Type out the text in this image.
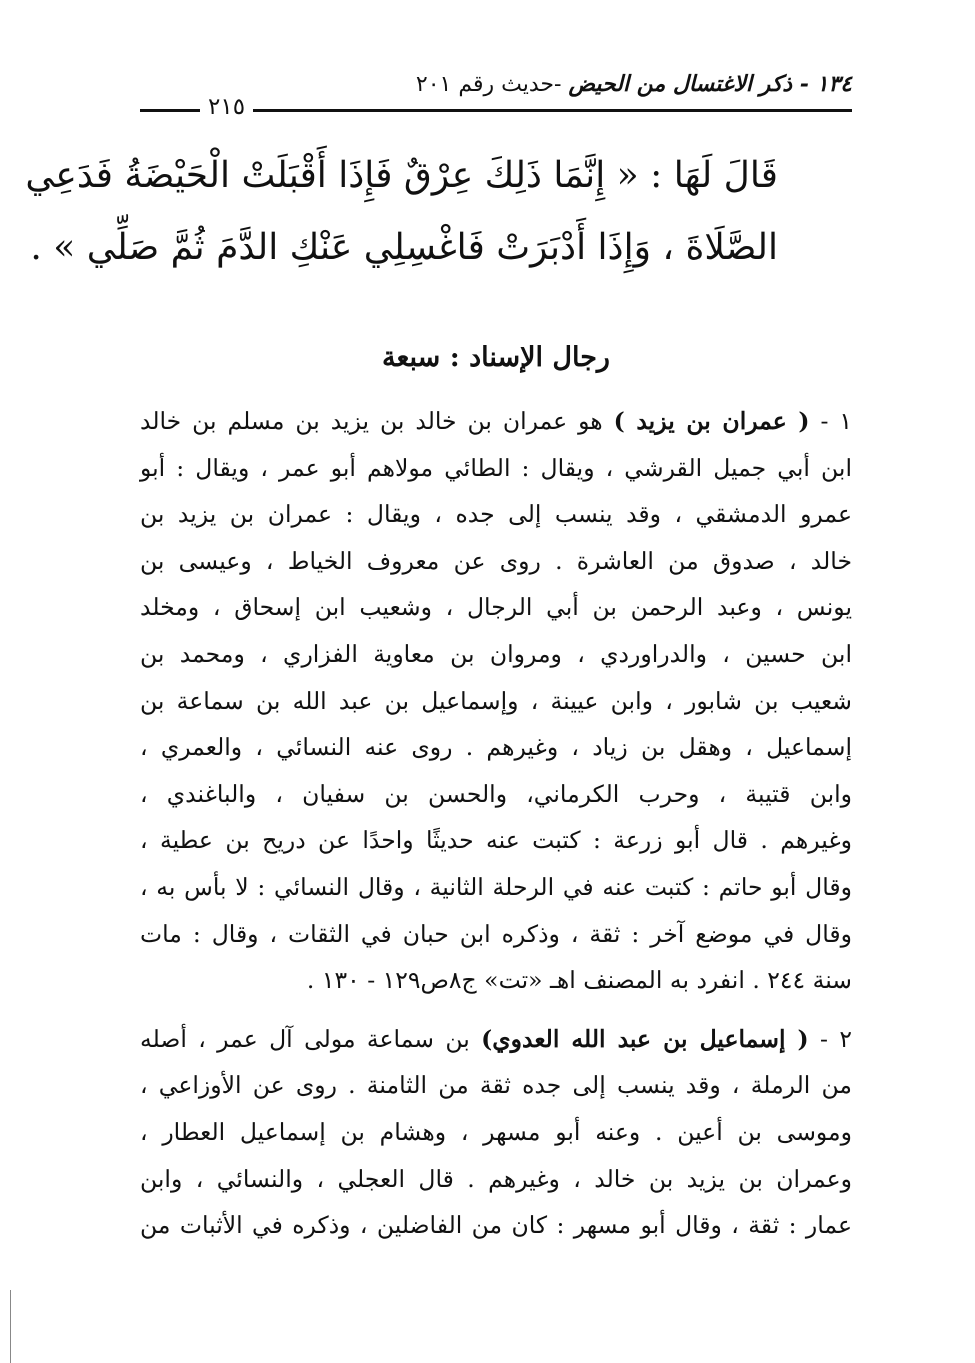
١٣٤ - ذكر الاغتسال من الحيض -حديث رقم ٢٠١
٢١٥
قَالَ لَهَا : « إِنَّمَا ذَلِكَ عِرْقٌ فَإِذَا أَقْبَلَتْ الْحَيْضَةُ فَدَعِي
الصَّلَاةَ ، وَإِذَا أَدْبَرَتْ فَاغْسِلِي عَنْكِ الدَّمَ ثُمَّ صَلِّي » .
رجال الإسناد : سبعة
١ - ( عمران بن يزيد ) هو عمران بن خالد بن يزيد بن مسلم بن خالد
ابن أبي جميل القرشي ، ويقال : الطائي مولاهم أبو عمر ، ويقال : أبو
عمرو الدمشقي ، وقد ينسب إلى جده ، ويقال : عمران بن يزيد بن
خالد ، صدوق من العاشرة . روى عن معروف الخياط ، وعيسى بن
يونس ، وعبد الرحمن بن أبي الرجال ، وشعيب ابن إسحاق ، ومخلد
ابن حسين ، والدراوردي ، ومروان بن معاوية الفزاري ، ومحمد بن
شعيب بن شابور ، وابن عيينة ، وإسماعيل بن عبد الله بن سماعة بن
إسماعيل ، وهقل بن زياد ، وغيرهم . روى عنه النسائي ، والعمري ،
وابن قتيبة ، وحرب الكرماني، والحسن بن سفيان ، والباغندي ،
وغيرهم . قال أبو زرعة : كتبت عنه حديثًا واحدًا عن دريح بن عطية ،
وقال أبو حاتم : كتبت عنه في الرحلة الثانية ، وقال النسائي : لا بأس به ،
وقال في موضع آخر : ثقة ، وذكره ابن حبان في الثقات ، وقال : مات
سنة ٢٤٤ . انفرد به المصنف اهـ «تت» ج٨ص١٢٩ - ١٣٠ .
٢ - ( إسماعيل بن عبد الله العدوي) بن سماعة مولى آل عمر ، أصله
من الرملة ، وقد ينسب إلى جده ثقة من الثامنة . روى عن الأوزاعي ،
وموسى بن أعين . وعنه أبو مسهر ، وهشام بن إسماعيل العطار ،
وعمران بن يزيد بن خالد ، وغيرهم . قال العجلي ، والنسائي ، وابن
عمار : ثقة ، وقال أبو مسهر : كان من الفاضلين ، وذكره في الأثبات من
